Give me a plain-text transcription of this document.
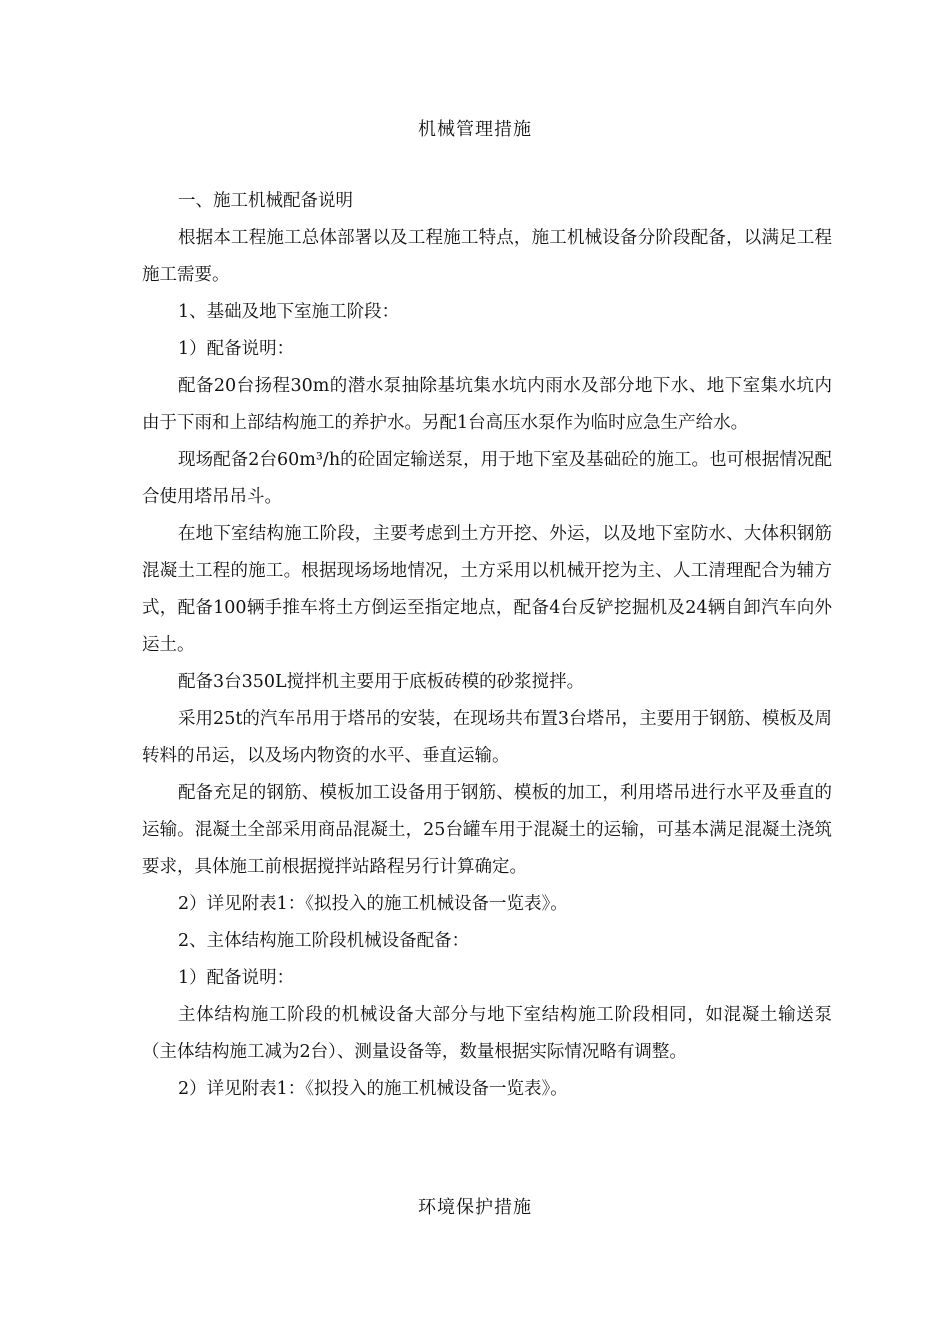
机械管理措施

一、施工机械配备说明

根据本工程施工总体部署以及工程施工特点，施工机械设备分阶段配备，以满足工程施工需要。

1、基础及地下室施工阶段：

1）配备说明：

配备20台扬程30m的潜水泵抽除基坑集水坑内雨水及部分地下水、地下室集水坑内由于下雨和上部结构施工的养护水。另配1台高压水泵作为临时应急生产给水。

现场配备2台60m³/h的砼固定输送泵，用于地下室及基础砼的施工。也可根据情况配合使用塔吊吊斗。

在地下室结构施工阶段，主要考虑到土方开挖、外运，以及地下室防水、大体积钢筋混凝土工程的施工。根据现场场地情况，土方采用以机械开挖为主、人工清理配合为辅方式，配备100辆手推车将土方倒运至指定地点，配备4台反铲挖掘机及24辆自卸汽车向外运土。

配备3台350L搅拌机主要用于底板砖模的砂浆搅拌。

采用25t的汽车吊用于塔吊的安装，在现场共布置3台塔吊，主要用于钢筋、模板及周转料的吊运，以及场内物资的水平、垂直运输。

配备充足的钢筋、模板加工设备用于钢筋、模板的加工，利用塔吊进行水平及垂直的运输。混凝土全部采用商品混凝土，25台罐车用于混凝土的运输，可基本满足混凝土浇筑要求，具体施工前根据搅拌站路程另行计算确定。

2）详见附表1：《拟投入的施工机械设备一览表》。

2、主体结构施工阶段机械设备配备：

1）配备说明：

主体结构施工阶段的机械设备大部分与地下室结构施工阶段相同，如混凝土输送泵（主体结构施工减为2台）、测量设备等，数量根据实际情况略有调整。

2）详见附表1：《拟投入的施工机械设备一览表》。

环境保护措施
